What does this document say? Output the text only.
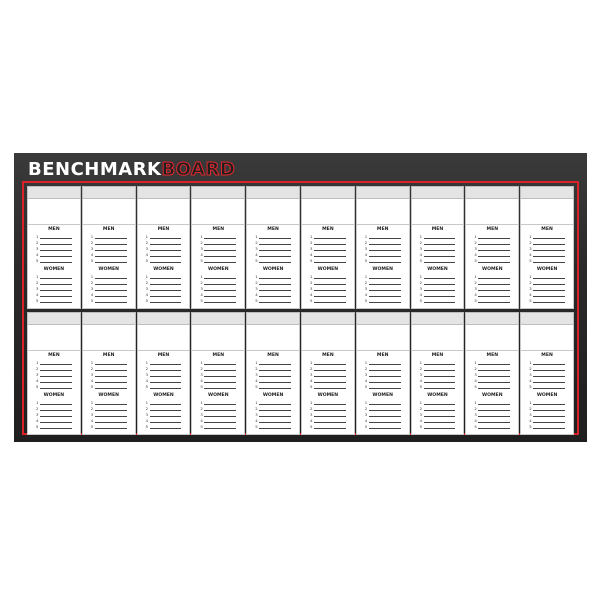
BENCHMARKBOARD
MEN
1
2
3
4
5
WOMEN
1
2
3
4
5
MEN
1
2
3
4
5
WOMEN
1
2
3
4
5
MEN
1
2
3
4
5
WOMEN
1
2
3
4
5
MEN
1
2
3
4
5
WOMEN
1
2
3
4
5
MEN
1
2
3
4
5
WOMEN
1
2
3
4
5
MEN
1
2
3
4
5
WOMEN
1
2
3
4
5
MEN
1
2
3
4
5
WOMEN
1
2
3
4
5
MEN
1
2
3
4
5
WOMEN
1
2
3
4
5
MEN
1
2
3
4
5
WOMEN
1
2
3
4
5
MEN
1
2
3
4
5
WOMEN
1
2
3
4
5
MEN
1
2
3
4
5
WOMEN
1
2
3
4
5
MEN
1
2
3
4
5
WOMEN
1
2
3
4
5
MEN
1
2
3
4
5
WOMEN
1
2
3
4
5
MEN
1
2
3
4
5
WOMEN
1
2
3
4
5
MEN
1
2
3
4
5
WOMEN
1
2
3
4
5
MEN
1
2
3
4
5
WOMEN
1
2
3
4
5
MEN
1
2
3
4
5
WOMEN
1
2
3
4
5
MEN
1
2
3
4
5
WOMEN
1
2
3
4
5
MEN
1
2
3
4
5
WOMEN
1
2
3
4
5
MEN
1
2
3
4
5
WOMEN
1
2
3
4
5
